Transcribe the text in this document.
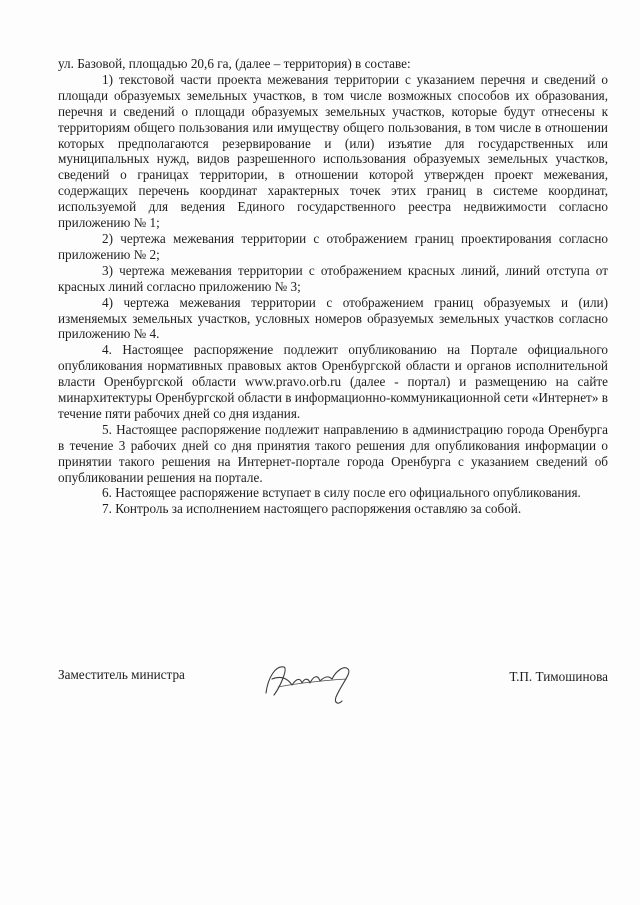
ул. Базовой, площадью 20,6 га, (далее – территория) в составе:

1) текстовой части проекта межевания территории с указанием перечня и сведений о площади образуемых земельных участков, в том числе возможных способов их образования, перечня и сведений о площади образуемых земельных участков, которые будут отнесены к территориям общего пользования или имуществу общего пользования, в том числе в отношении которых предполагаются резервирование и (или) изъятие для государственных или муниципальных нужд, видов разрешенного использования образуемых земельных участков, сведений о границах территории, в отношении которой утвержден проект межевания, содержащих перечень координат характерных точек этих границ в системе координат, используемой для ведения Единого государственного реестра недвижимости согласно приложению № 1;

2) чертежа межевания территории с отображением границ проектирования согласно приложению № 2;

3) чертежа межевания территории с отображением красных линий, линий отступа от красных линий согласно приложению № 3;

4) чертежа межевания территории с отображением границ образуемых и (или) изменяемых земельных участков, условных номеров образуемых земельных участков согласно приложению № 4.

4. Настоящее распоряжение подлежит опубликованию на Портале официального опубликования нормативных правовых актов Оренбургской области и органов исполнительной власти Оренбургской области www.pravo.orb.ru (далее - портал) и размещению на сайте минархитектуры Оренбургской области в информационно-коммуникационной сети «Интернет» в течение пяти рабочих дней со дня издания.

5. Настоящее распоряжение подлежит направлению в администрацию города Оренбурга в течение 3 рабочих дней со дня принятия такого решения для опубликования информации о принятии такого решения на Интернет-портале города Оренбурга с указанием сведений об опубликовании решения на портале.

6. Настоящее распоряжение вступает в силу после его официального опубликования.

7. Контроль за исполнением настоящего распоряжения оставляю за собой.

Заместитель министра	Т.П. Тимошинова
